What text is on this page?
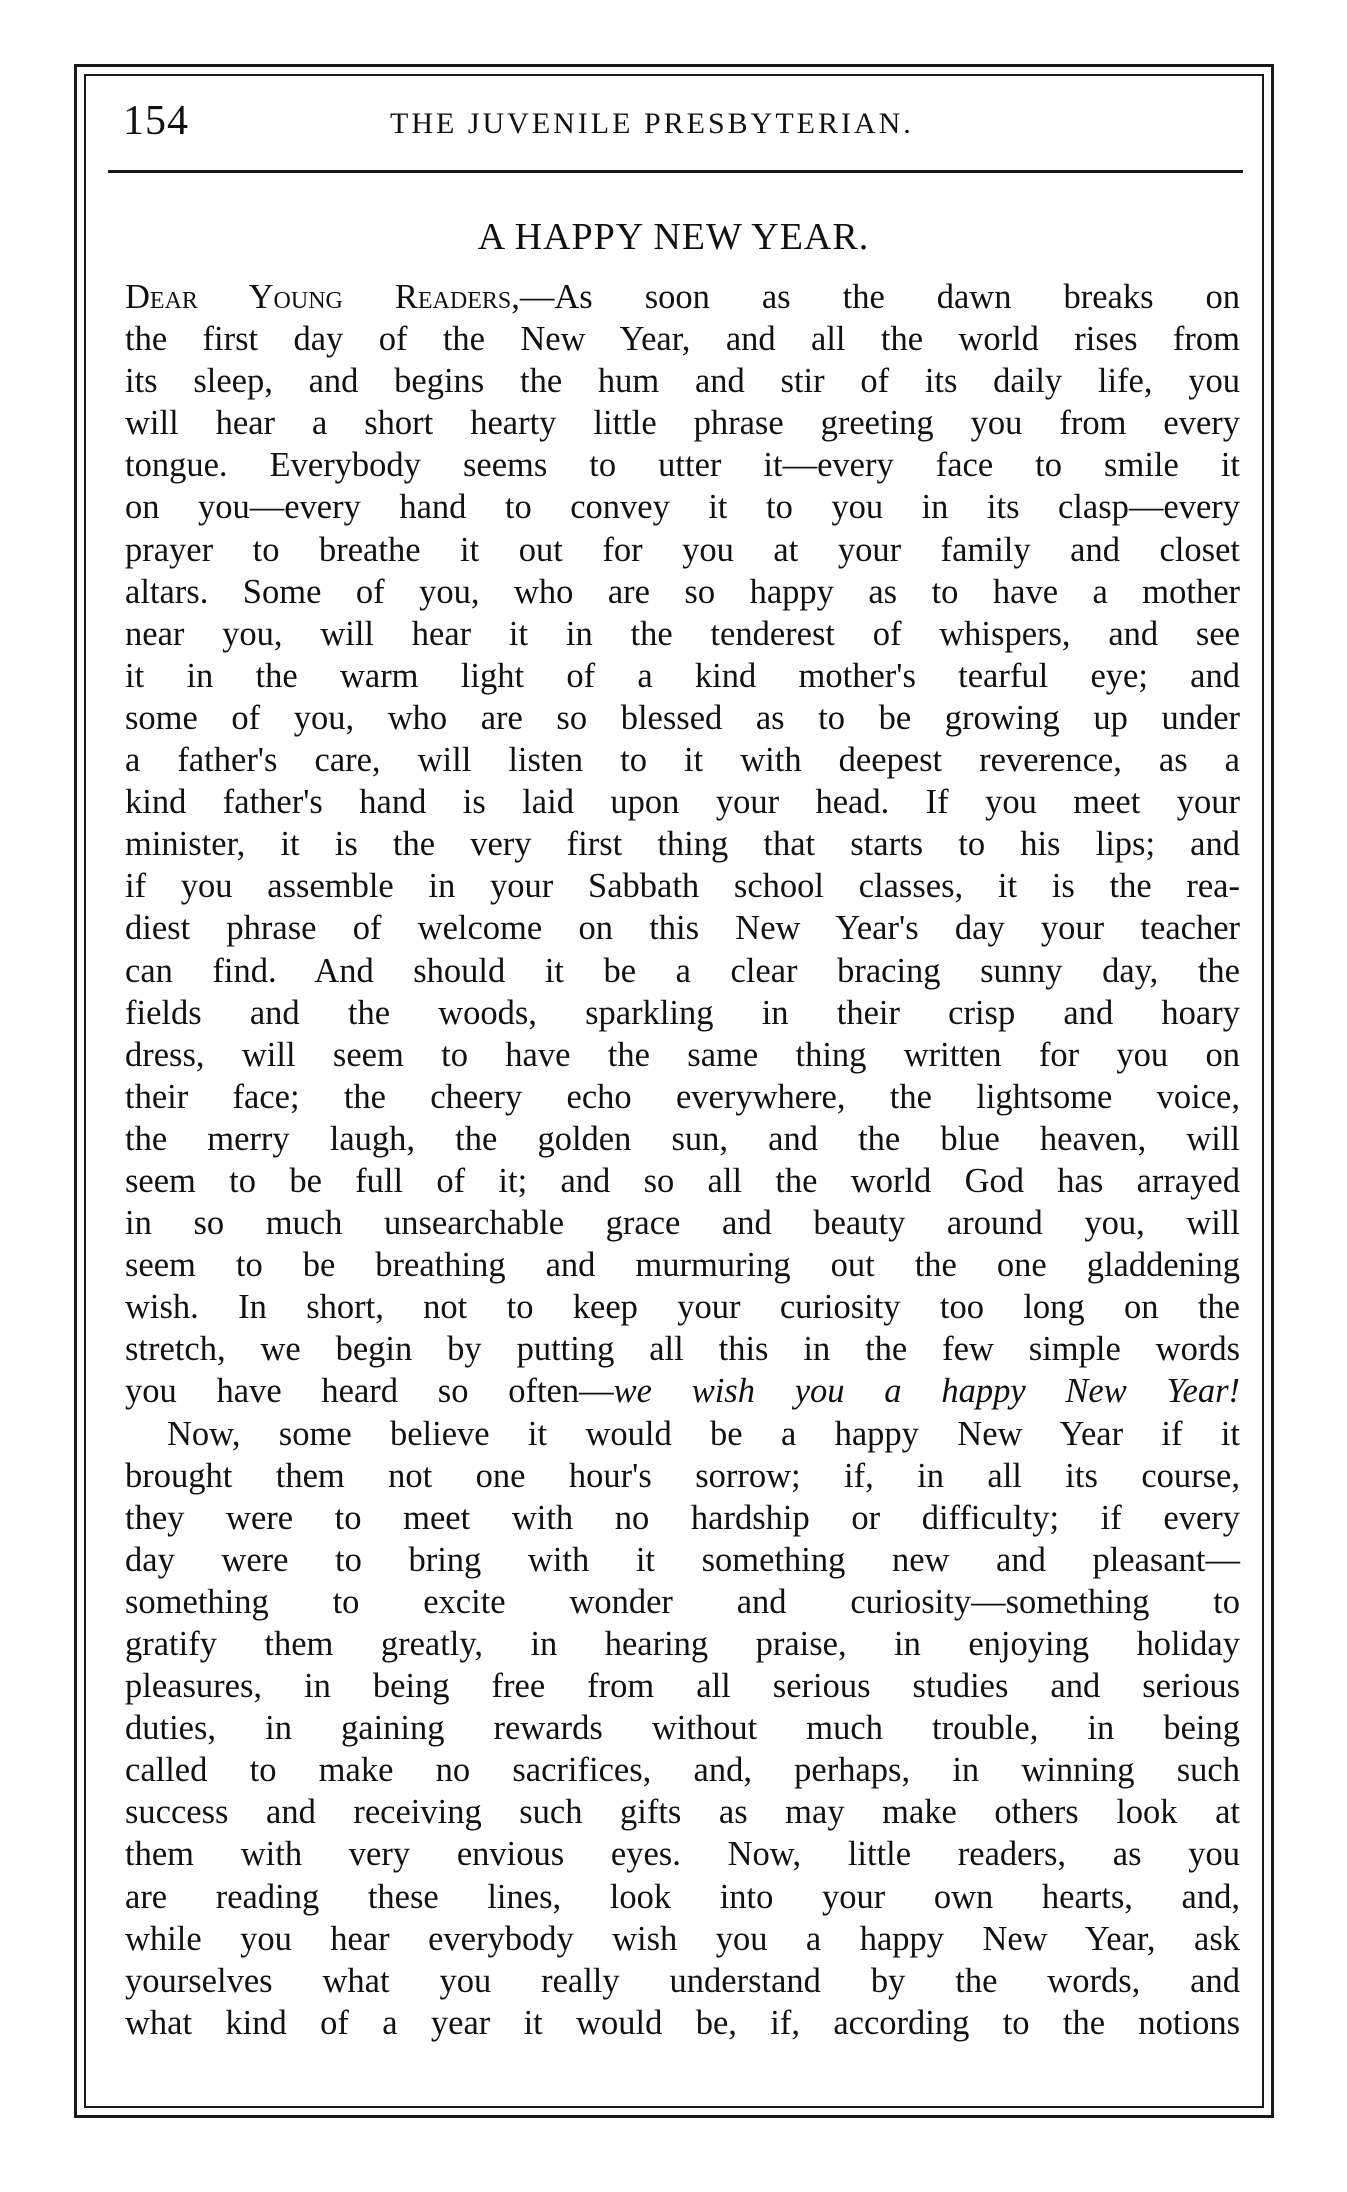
154	THE JUVENILE PRESBYTERIAN.
A HAPPY NEW YEAR.
Dear Young Readers,—As soon as the dawn breaks on
the first day of the New Year, and all the world rises from
its sleep, and begins the hum and stir of its daily life, you
will hear a short hearty little phrase greeting you from every
tongue. Everybody seems to utter it—every face to smile it
on you—every hand to convey it to you in its clasp—every
prayer to breathe it out for you at your family and closet
altars. Some of you, who are so happy as to have a mother
near you, will hear it in the tenderest of whispers, and see
it in the warm light of a kind mother's tearful eye; and
some of you, who are so blessed as to be growing up under
a father's care, will listen to it with deepest reverence, as a
kind father's hand is laid upon your head. If you meet your
minister, it is the very first thing that starts to his lips; and
if you assemble in your Sabbath school classes, it is the rea-
diest phrase of welcome on this New Year's day your teacher
can find. And should it be a clear bracing sunny day, the
fields and the woods, sparkling in their crisp and hoary
dress, will seem to have the same thing written for you on
their face; the cheery echo everywhere, the lightsome voice,
the merry laugh, the golden sun, and the blue heaven, will
seem to be full of it; and so all the world God has arrayed
in so much unsearchable grace and beauty around you, will
seem to be breathing and murmuring out the one gladdening
wish. In short, not to keep your curiosity too long on the
stretch, we begin by putting all this in the few simple words
you have heard so often—we wish you a happy New Year!
Now, some believe it would be a happy New Year if it
brought them not one hour's sorrow; if, in all its course,
they were to meet with no hardship or difficulty; if every
day were to bring with it something new and pleasant—
something to excite wonder and curiosity—something to
gratify them greatly, in hearing praise, in enjoying holiday
pleasures, in being free from all serious studies and serious
duties, in gaining rewards without much trouble, in being
called to make no sacrifices, and, perhaps, in winning such
success and receiving such gifts as may make others look at
them with very envious eyes. Now, little readers, as you
are reading these lines, look into your own hearts, and,
while you hear everybody wish you a happy New Year, ask
yourselves what you really understand by the words, and
what kind of a year it would be, if, according to the notions
